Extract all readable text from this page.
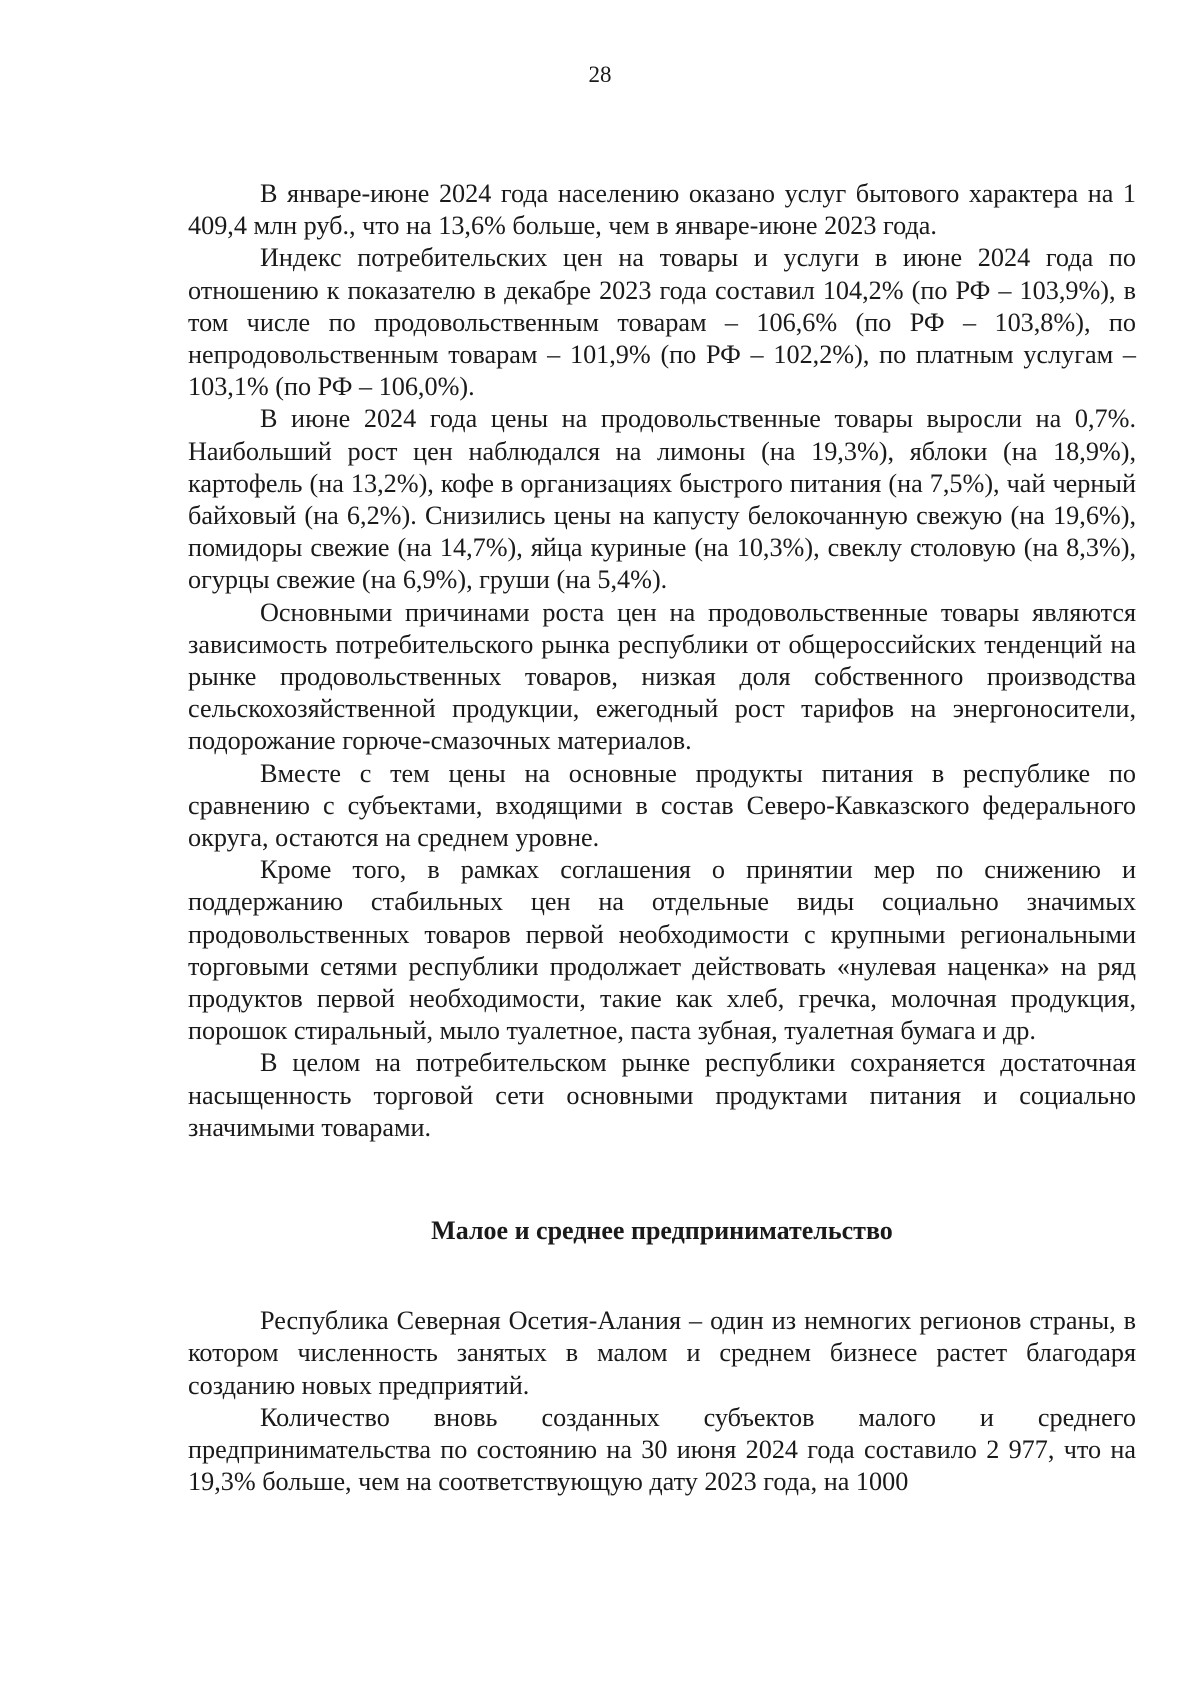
28

В январе-июне 2024 года населению оказано услуг бытового характера на 1 409,4 млн руб., что на 13,6% больше, чем в январе-июне 2023 года.

Индекс потребительских цен на товары и услуги в июне 2024 года по отношению к показателю в декабре 2023 года составил 104,2% (по РФ – 103,9%), в том числе по продовольственным товарам – 106,6% (по РФ – 103,8%), по непродовольственным товарам – 101,9% (по РФ – 102,2%), по платным услугам – 103,1% (по РФ – 106,0%).

В июне 2024 года цены на продовольственные товары выросли на 0,7%. Наибольший рост цен наблюдался на лимоны (на 19,3%), яблоки (на 18,9%), картофель (на 13,2%), кофе в организациях быстрого питания (на 7,5%), чай черный байховый (на 6,2%). Снизились цены на капусту белокочанную свежую (на 19,6%), помидоры свежие (на 14,7%), яйца куриные (на 10,3%), свеклу столовую (на 8,3%), огурцы свежие (на 6,9%), груши (на 5,4%).

Основными причинами роста цен на продовольственные товары являются зависимость потребительского рынка республики от общероссийских тенденций на рынке продовольственных товаров, низкая доля собственного производства сельскохозяйственной продукции, ежегодный рост тарифов на энергоносители, подорожание горюче-смазочных материалов.

Вместе с тем цены на основные продукты питания в республике по сравнению с субъектами, входящими в состав Северо-Кавказского федерального округа, остаются на среднем уровне.

Кроме того, в рамках соглашения о принятии мер по снижению и поддержанию стабильных цен на отдельные виды социально значимых продовольственных товаров первой необходимости с крупными региональными торговыми сетями республики продолжает действовать «нулевая наценка» на ряд продуктов первой необходимости, такие как хлеб, гречка, молочная продукция, порошок стиральный, мыло туалетное, паста зубная, туалетная бумага и др.

В целом на потребительском рынке республики сохраняется достаточная насыщенность торговой сети основными продуктами питания и социально значимыми товарами.

Малое и среднее предпринимательство

Республика Северная Осетия-Алания – один из немногих регионов страны, в котором численность занятых в малом и среднем бизнесе растет благодаря созданию новых предприятий.

Количество вновь созданных субъектов малого и среднего предпринимательства по состоянию на 30 июня 2024 года составило 2 977, что на 19,3% больше, чем на соответствующую дату 2023 года, на 1000
